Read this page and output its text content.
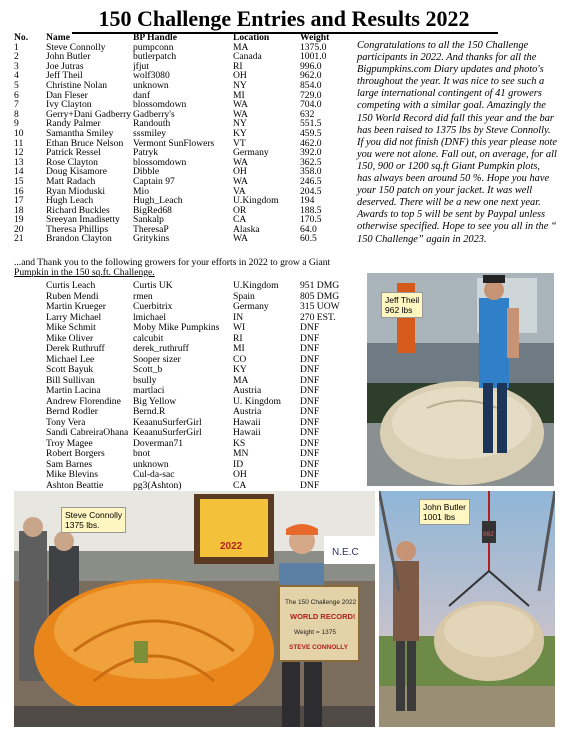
150 Challenge Entries and Results 2022
No.	Name	BP Handle	Location	Weight
1	Steve Connolly	pumpconn	MA	1375.0
2	John Butler	butlerpatch	Canada	1001.0
3	Joe Jutras	jfjut	RI	996.0
4	Jeff Theil	wolf3080	OH	962.0
5	Christine Nolan	unknown	NY	854.0
6	Dan Fleser	danf	MI	729.0
7	Ivy Clayton	blossomdown	WA	704.0
8	Gerry+Dani Gadberry	Gadberry's	WA	632
9	Randy Palmer	Randouth	NY	551.5
10	Samantha Smiley	sssmiley	KY	459.5
11	Ethan Bruce Nelson	Vermont SunFlowers	VT	462.0
12	Patrick Ressel	Patryk	Germany	392.0
13	Rose Clayton	blossomdown	WA	362.5
14	Doug Kisamore	Dibble	OH	358.0
15	Matt Radach	Captain 97	WA	246.5
16	Ryan Mioduski	Mio	VA	204.5
17	Hugh Leach	Hugh_Leach	U.Kingdom	194
18	Richard Buckles	BigRed68	OR	188.5
19	Sreeyan Imadisetty	Sankalp	CA	170.5
20	Theresa Phillips	TheresaP	Alaska	64.0
21	Brandon Clayton	Gritykins	WA	60.5
...and Thank you to the following growers for your efforts in 2022 to grow a Giant
Pumpkin in the 150 sq.ft. Challenge.
	Curtis Leach	Curtis UK	U.Kingdom	951 DMG
	Ruben Mendi	rmen	Spain	805 DMG
	Martin Krueger	Cuerbitrix	Germany	315 UOW
	Larry Michael	lmichael	IN	270 EST.
	Mike Schmit	Moby Mike Pumpkins	WI	DNF
	Mike Oliver	calcubit	RI	DNF
	Derek Ruthruff	derek_ruthruff	MI	DNF
	Michael Lee	Sooper sizer	CO	DNF
	Scott Bayuk	Scott_b	KY	DNF
	Bill Sullivan	bsully	MA	DNF
	Martin Lacina	martlaci	Austria	DNF
	Andrew Florendine	Big Yellow	U. Kingdom	DNF
	Bernd Rodler	Bernd.R	Austria	DNF
	Tony Vera	KeaanuSurferGirl	Hawaii	DNF
	Sandi CabreiraOhana	KeaanuSurferGirl	Hawaii	DNF
	Troy Magee	Doverman71	KS	DNF
	Robert Borgers	bnot	MN	DNF
	Sam Barnes	unknown	ID	DNF
	Mike Blevins	Cul-da-sac	OH	DNF
	Ashton Beattie	pg3(Ashton)	CA	DNF
Congratulations to all the 150 Challenge participants in 2022. And thanks for all the Bigpumpkins.com Diary updates and photo's throughout the year. It was nice to see such a large international contingent of 41 growers competing with a similar goal. Amazingly the 150 World Record did fall this year and the bar has been raised to 1375 lbs by Steve Connolly. If you did not finish (DNF) this year please note you were not alone. Fall out, on average, for all 150, 900 or 1200 sq.ft Giant Pumpkin plots, has always been around 50 %. Hope you have your 150 patch on your jacket. It was well deserved. There will be a new one next year. Awards to top 5 will be sent by Paypal unless otherwise specified. Hope to see you all in the “ 150 Challenge” again in 2023.
Jeff Theil
962 lbs
N.E.C
2022
The 150 Challenge 2022
WORLD RECORD!
Weight = 1375
STEVE CONNOLLY
Steve Connolly
1375 lbs.
982
John Butler
1001 lbs
